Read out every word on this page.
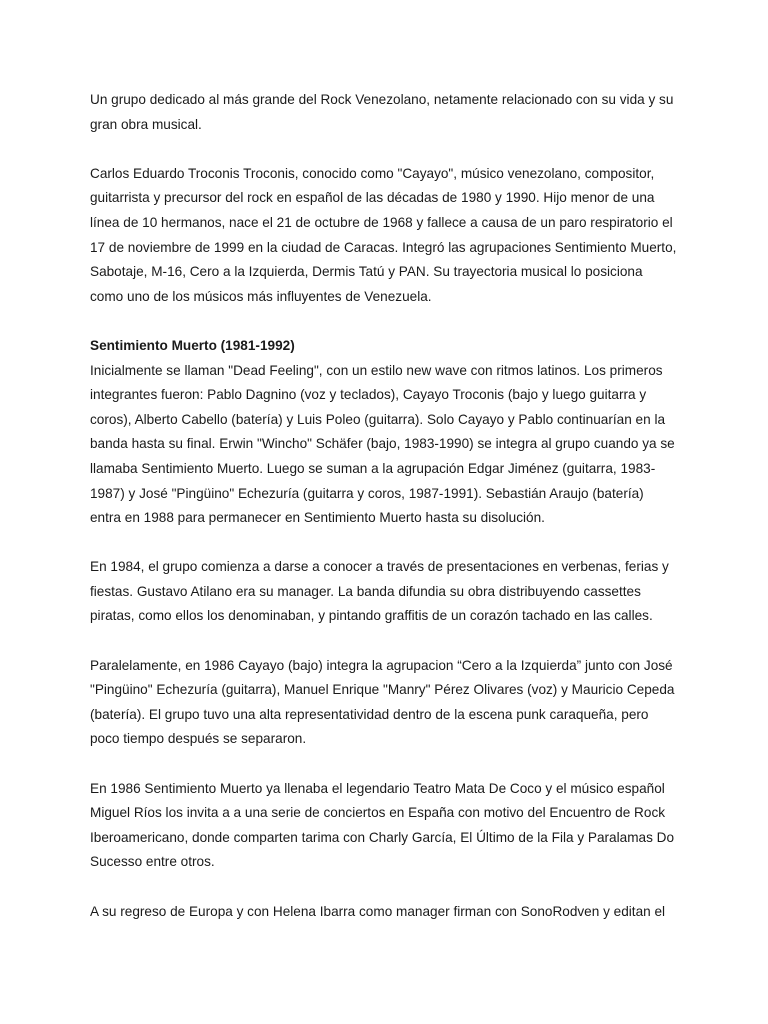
Un grupo dedicado al más grande del Rock Venezolano, netamente relacionado con su vida y su gran obra musical.

Carlos Eduardo Troconis Troconis, conocido como "Cayayo", músico venezolano, compositor, guitarrista y precursor del rock en español de las décadas de 1980 y 1990. Hijo menor de una línea de 10 hermanos, nace el 21 de octubre de 1968 y fallece a causa de un paro respiratorio el 17 de noviembre de 1999 en la ciudad de Caracas. Integró las agrupaciones Sentimiento Muerto, Sabotaje, M-16, Cero a la Izquierda, Dermis Tatú y PAN. Su trayectoria musical lo posiciona como uno de los músicos más influyentes de Venezuela.

Sentimiento Muerto (1981-1992)
Inicialmente se llaman "Dead Feeling", con un estilo new wave con ritmos latinos. Los primeros integrantes fueron: Pablo Dagnino (voz y teclados), Cayayo Troconis (bajo y luego guitarra y coros), Alberto Cabello (batería) y Luis Poleo (guitarra). Solo Cayayo y Pablo continuarían en la banda hasta su final. Erwin "Wincho" Schäfer (bajo, 1983-1990) se integra al grupo cuando ya se llamaba Sentimiento Muerto. Luego se suman a la agrupación Edgar Jiménez (guitarra, 1983-1987) y José "Pingüino" Echezuría (guitarra y coros, 1987-1991). Sebastián Araujo (batería) entra en 1988 para permanecer en Sentimiento Muerto hasta su disolución.

En 1984, el grupo comienza a darse a conocer a través de presentaciones en verbenas, ferias y fiestas. Gustavo Atilano era su manager. La banda difundia su obra distribuyendo cassettes piratas, como ellos los denominaban, y pintando graffitis de un corazón tachado en las calles.

Paralelamente, en 1986 Cayayo (bajo) integra la agrupacion “Cero a la Izquierda” junto con José "Pingüino" Echezuría (guitarra), Manuel Enrique "Manry" Pérez Olivares (voz) y Mauricio Cepeda (batería). El grupo tuvo una alta representatividad dentro de la escena punk caraqueña, pero poco tiempo después se separaron.

En 1986 Sentimiento Muerto ya llenaba el legendario Teatro Mata De Coco y el músico español Miguel Ríos los invita a a una serie de conciertos en España con motivo del Encuentro de Rock Iberoamericano, donde comparten tarima con Charly García, El Último de la Fila y Paralamas Do Sucesso entre otros.

A su regreso de Europa y con Helena Ibarra como manager firman con SonoRodven y editan el
